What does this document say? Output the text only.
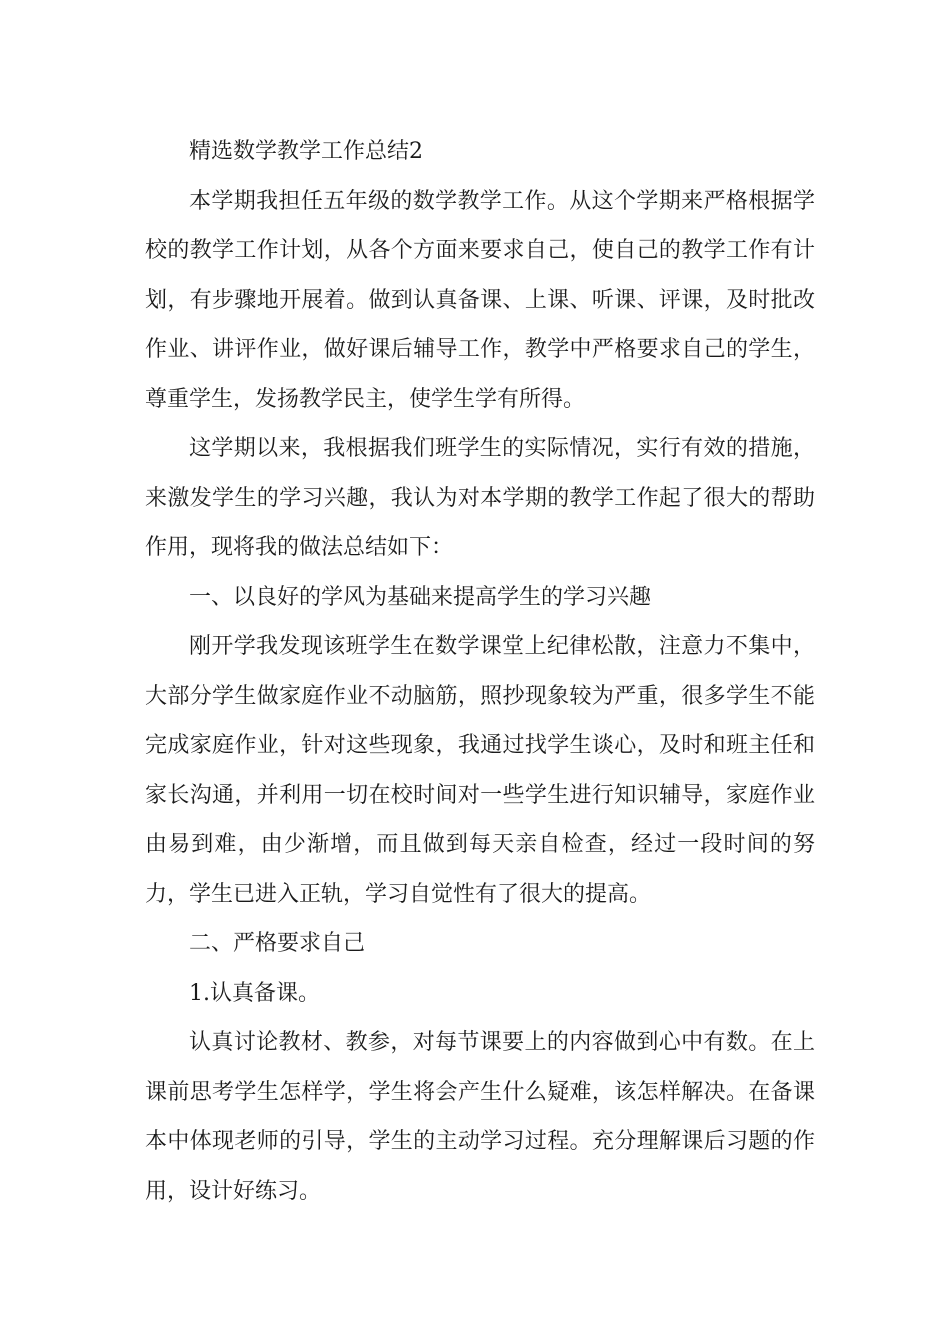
精选数学教学工作总结2

本学期我担任五年级的数学教学工作。从这个学期来严格根据学校的教学工作计划，从各个方面来要求自己，使自己的教学工作有计划，有步骤地开展着。做到认真备课、上课、听课、评课，及时批改作业、讲评作业，做好课后辅导工作，教学中严格要求自己的学生，尊重学生，发扬教学民主，使学生学有所得。

这学期以来，我根据我们班学生的实际情况，实行有效的措施，来激发学生的学习兴趣，我认为对本学期的教学工作起了很大的帮助作用，现将我的做法总结如下：

一、以良好的学风为基础来提高学生的学习兴趣

刚开学我发现该班学生在数学课堂上纪律松散，注意力不集中，大部分学生做家庭作业不动脑筋，照抄现象较为严重，很多学生不能完成家庭作业，针对这些现象，我通过找学生谈心，及时和班主任和家长沟通，并利用一切在校时间对一些学生进行知识辅导，家庭作业由易到难，由少渐增，而且做到每天亲自检查，经过一段时间的努力，学生已进入正轨，学习自觉性有了很大的提高。

二、严格要求自己

1.认真备课。

认真讨论教材、教参，对每节课要上的内容做到心中有数。在上课前思考学生怎样学，学生将会产生什么疑难，该怎样解决。在备课本中体现老师的引导，学生的主动学习过程。充分理解课后习题的作用，设计好练习。
